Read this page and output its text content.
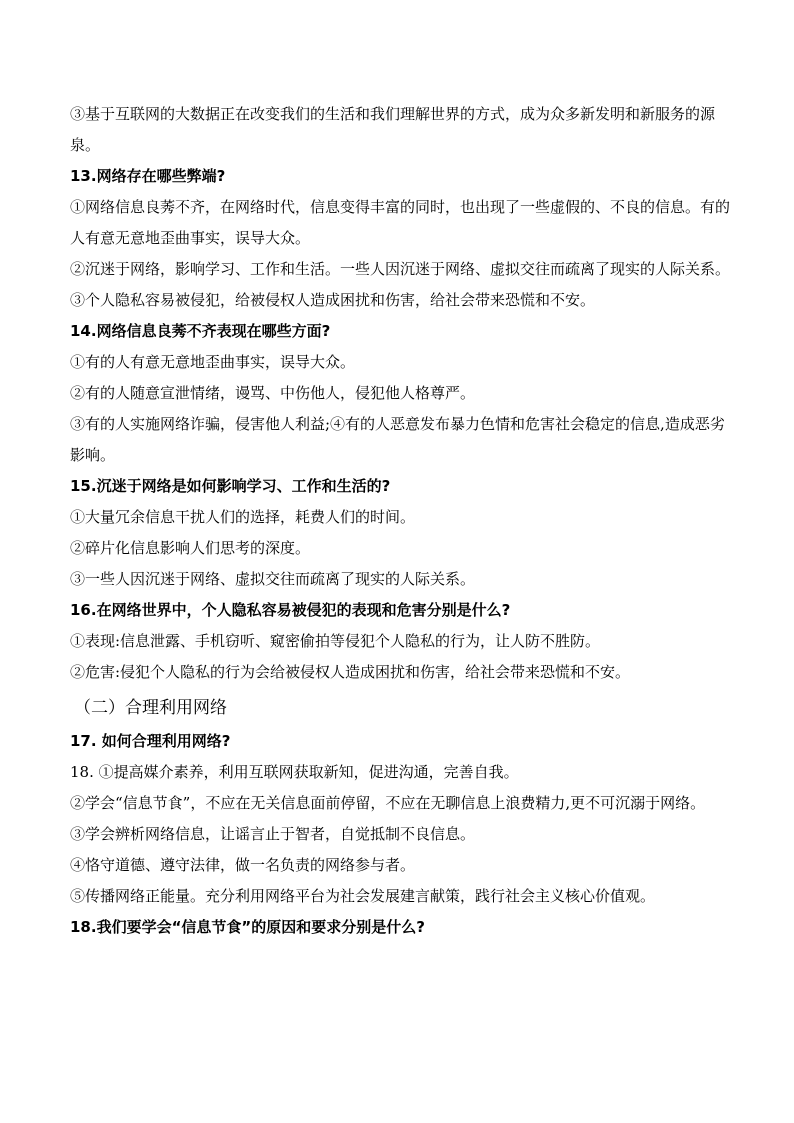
③基于互联网的大数据正在改变我们的生活和我们理解世界的方式，成为众多新发明和新服务的源泉。

13.网络存在哪些弊端?

①网络信息良莠不齐，在网络时代，信息变得丰富的同时，也出现了一些虚假的、不良的信息。有的人有意无意地歪曲事实，误导大众。

②沉迷于网络，影响学习、工作和生活。一些人因沉迷于网络、虚拟交往而疏离了现实的人际关系。

③个人隐私容易被侵犯，给被侵权人造成困扰和伤害，给社会带来恐慌和不安。

14.网络信息良莠不齐表现在哪些方面?

①有的人有意无意地歪曲事实，误导大众。

②有的人随意宣泄情绪，谩骂、中伤他人，侵犯他人格尊严。

③有的人实施网络诈骗，侵害他人利益;④有的人恶意发布暴力色情和危害社会稳定的信息,造成恶劣影响。

15.沉迷于网络是如何影响学习、工作和生活的?

①大量冗余信息干扰人们的选择，耗费人们的时间。

②碎片化信息影响人们思考的深度。

③一些人因沉迷于网络、虚拟交往而疏离了现实的人际关系。

16.在网络世界中，个人隐私容易被侵犯的表现和危害分别是什么?

①表现:信息泄露、手机窃听、窥密偷拍等侵犯个人隐私的行为，让人防不胜防。

②危害:侵犯个人隐私的行为会给被侵权人造成困扰和伤害，给社会带来恐慌和不安。

（二）合理利用网络

17. 如何合理利用网络?

18. ①提高媒介素养，利用互联网获取新知，促进沟通，完善自我。

②学会“信息节食”，不应在无关信息面前停留，不应在无聊信息上浪费精力,更不可沉溺于网络。

③学会辨析网络信息，让谣言止于智者，自觉抵制不良信息。

④恪守道德、遵守法律，做一名负责的网络参与者。

⑤传播网络正能量。充分利用网络平台为社会发展建言献策，践行社会主义核心价值观。

18.我们要学会“信息节食”的原因和要求分别是什么?
